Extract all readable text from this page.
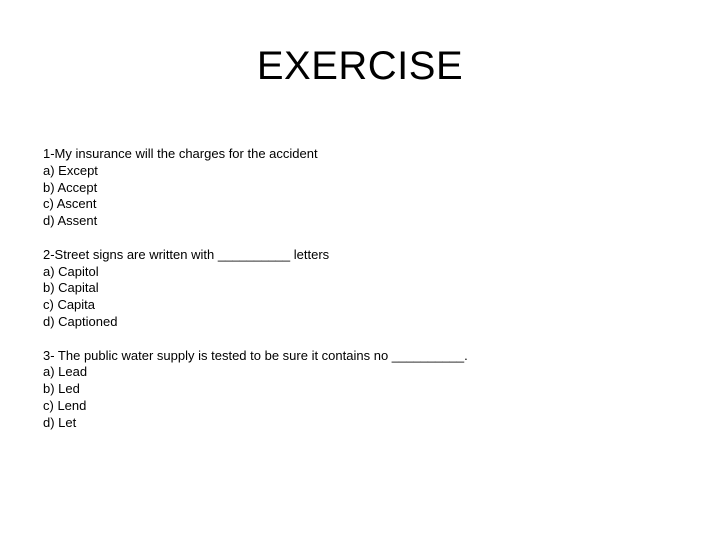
EXERCISE
1-My insurance will the charges for the accident
a) Except
b) Accept
c) Ascent
d) Assent
2-Street signs are written with __________ letters
a) Capitol
b) Capital
c) Capita
d) Captioned
3- The public water supply is tested to be sure it contains no __________.
a) Lead
b) Led
c) Lend
d) Let
